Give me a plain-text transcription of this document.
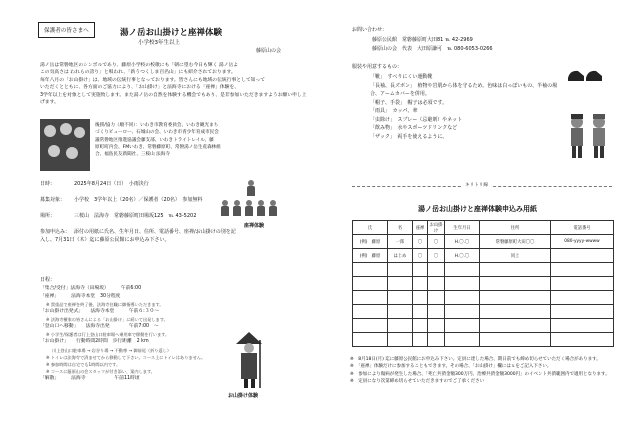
保護者の皆さまへ	湯ノ岳お山掛けと座禅体験
小学校3年生以上
藤原山の会
湯ノ岳は常磐地区のシンボルであり、藤原小学校の校歌にも「朝に望む今日も輝く 湯ノ岳よ
この気高さは われらの誇り」と唄われ、「新うつくしま百名山」にも紹介されております。
毎年八月の「お山掛け」は、地域の伝統行事となっております。皆さんにも地域の伝統行事として知って
いただくとともに、各方面のご協力により、「お山掛け」と法海寺における「座禅」体験を、
3学年以上を対象として実施致します。また湯ノ岳の自然を体験する機会でもあり、是非参加いただきますようお願い申し上げます。
後援/協力（順不同）：いわき市教育委員会、いわき観光まち
づくりビューロー、石城山の会、いわき市青少年育成市民会
議常磐地区推進協議会藤支部、いわきトライトレイル、藤
原町町内会、FMいわき、常磐藤原町、常磐湯ノ岳生産森林組
合、福島民友新聞社、三桜山 法海寺
日時：	2025年8月24日（日）　小雨決行
募集対象： 小学校　3学年以上（20名）／保護者（20名）　参加無料
場所：	三桜山　法海寺　常磐藤原町田場坂125　℡ 43-5202
参加申込み： 添付の用紙に氏名、生年月日、住所、電話番号、座禅/お山掛けの別を記入し、7月31日（木）迄に藤原公民館にお申込み下さい。
座禅体験
日程：
「集合/受付」法海寺（田場坂）　　　午前6:00
「座禅」　　　法海寺本堂　30分程度
※ 貴重品で座禅を終了後、法海寺住職に御指導いただきます。
「お山掛け出発式」　　法海寺本堂　　　午前６:３０～
※ 法海寺檀家の皆さんによる「お山掛け」に続いて出発します。
「登山口へ移動」　　法海寺出発　　　　午前7:00　～
※ 小学生/保護者は行上登山口駐車場へ乗用車で移動を行います。
「お山掛け」　　行動時間2時間　歩行距離　2 km
川上登山口駐車場 → 岩谷り場 → 不動尊 → 御前尾（折り返し）
※ トイレは法海寺で済ませてから移動して下さい。コース上にトイレはありません。
※ 参加時間は自宅でも1時間以内です。
※ コースに藤原山の会スタッフが付き添い、案内します。
「解散」　　　法海寺　　　　　　午前11時頃
お山掛け体験
お問い合わせ：
藤原公民館　常磐藤原町大田81 ℡ 42-2969
藤原山の会　代表　大田原謙可　℡ 080-6053-0266
服装や用意するもの：
「靴」　すべりにくい運動靴
「長袖、長ズボン」　植物や岩肌から体を守るため。色味は白っぽいもの、半袖の場合、アームカバーを併用。
「帽子、手袋」　帽子は必須です。
「雨具」　カッパ、傘
「虫除け」　スプレー（忌避剤）やネット
「飲み物」　水やスポーツドリンクなど
「ザック」　両手を使えるように。
キリトリ線
湯ノ岳お山掛けと座禅体験申込み用紙
氏	名	座禅	お山掛け	生年月日	住所	電話番号
(例)　藤原	一郎	〇	〇	H.〇.〇	常磐藤原町大田〇〇	080-yyyy-wwww
(例)　藤原	はじめ	〇	〇	H.〇.〇	同上	

※　8月18日(月) 迄に藤原公民館にお申込み下さい。定員に達した場合、期日前でも締め切らせていただく場合があります。
※　「座禅」体験だけに参加することもできます。その場合、「お山掛け」欄にはｘをご記入下さい。
※　参加により傷病が発生した場合、「死亡共済金額300万円、治療共済金額3000円」のイベント共済範囲内で適用となります。
※　定員になり次第締め切らせていただきますのでご了承ください
